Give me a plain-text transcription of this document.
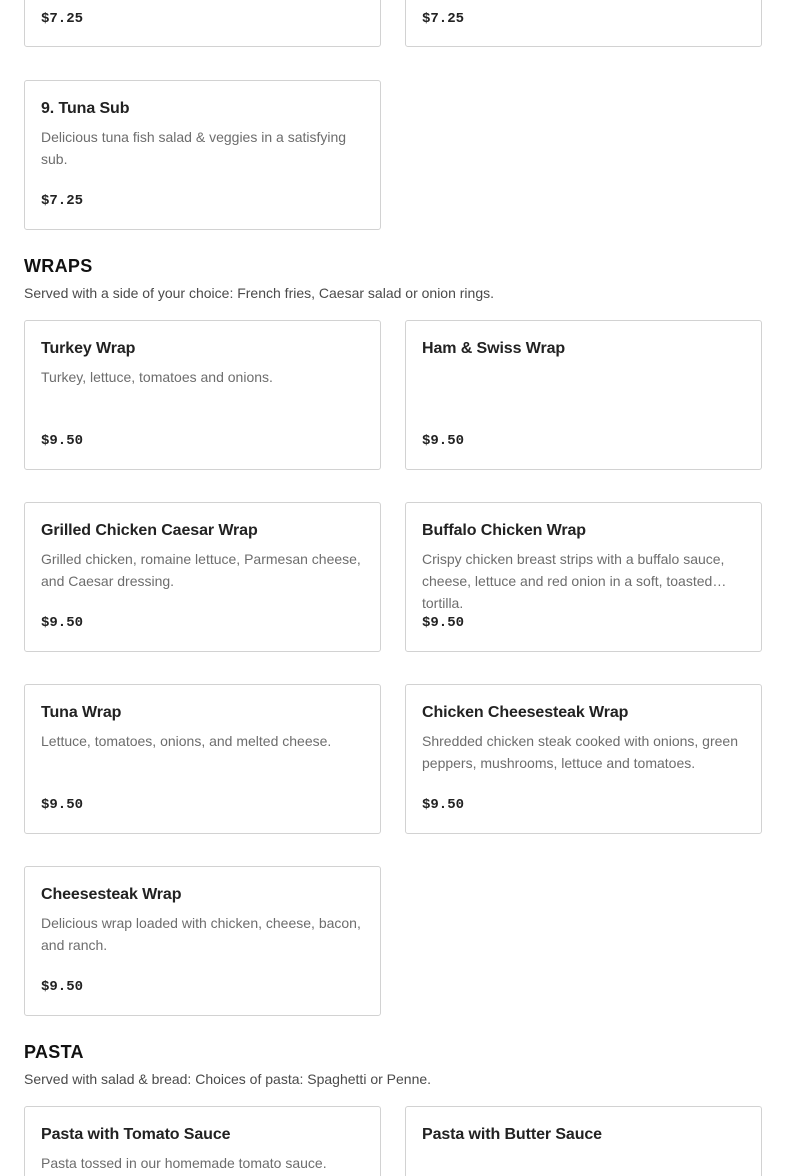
$7.25	$7.25
9. Tuna Sub
Delicious tuna fish salad & veggies in a satisfying sub.
$7.25
WRAPS
Served with a side of your choice: French fries, Caesar salad or onion rings.
Turkey Wrap
Turkey, lettuce, tomatoes and onions.
$9.50
Ham & Swiss Wrap
$9.50
Grilled Chicken Caesar Wrap
Grilled chicken, romaine lettuce, Parmesan cheese, and Caesar dressing.
$9.50
Buffalo Chicken Wrap
Crispy chicken breast strips with a buffalo sauce, cheese, lettuce and red onion in a soft, toasted tortilla.
$9.50
Tuna Wrap
Lettuce, tomatoes, onions, and melted cheese.
$9.50
Chicken Cheesesteak Wrap
Shredded chicken steak cooked with onions, green peppers, mushrooms, lettuce and tomatoes.
$9.50
Cheesesteak Wrap
Delicious wrap loaded with chicken, cheese, bacon, and ranch.
$9.50
PASTA
Served with salad & bread: Choices of pasta: Spaghetti or Penne.
Pasta with Tomato Sauce
Pasta tossed in our homemade tomato sauce.
Pasta with Butter Sauce
